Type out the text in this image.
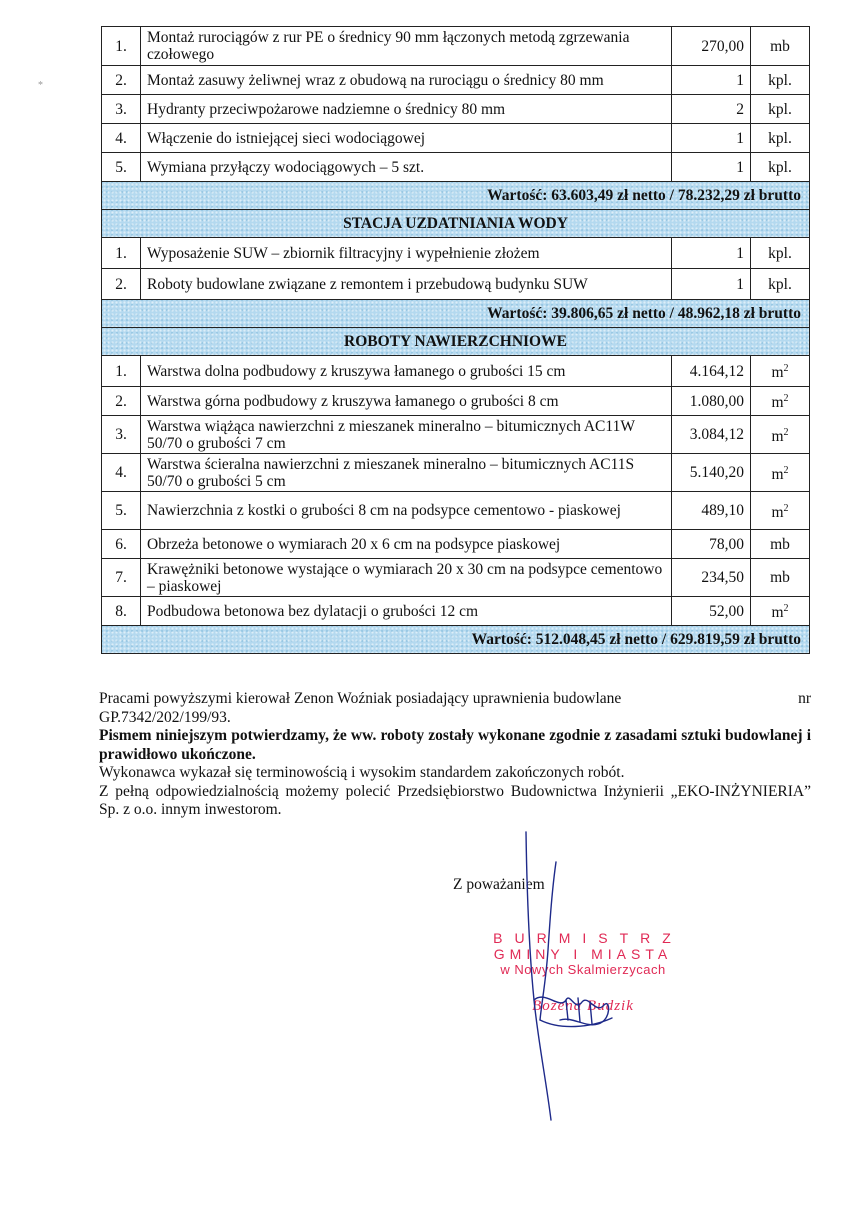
*
1.	Montaż rurociągów z rur PE o średnicy 90 mm łączonych metodą zgrzewania czołowego	270,00	mb
2.	Montaż zasuwy żeliwnej wraz z obudową na rurociągu o średnicy 80 mm	1	kpl.
3.	Hydranty przeciwpożarowe nadziemne o średnicy 80 mm	2	kpl.
4.	Włączenie do istniejącej sieci wodociągowej	1	kpl.
5.	Wymiana przyłączy wodociągowych – 5 szt.	1	kpl.
Wartość: 63.603,49 zł netto / 78.232,29 zł brutto			
STACJA UZDATNIANIA WODY			
1.	Wyposażenie SUW – zbiornik filtracyjny i wypełnienie złożem	1	kpl.
2.	Roboty budowlane związane z remontem i przebudową budynku SUW	1	kpl.
Wartość: 39.806,65 zł netto / 48.962,18 zł brutto			
ROBOTY NAWIERZCHNIOWE			
1.	Warstwa dolna podbudowy z kruszywa łamanego o grubości 15 cm	4.164,12	$m^2$
2.	Warstwa górna podbudowy z kruszywa łamanego o grubości 8 cm	1.080,00	$m^2$
3.	Warstwa wiążąca nawierzchni z mieszanek mineralno – bitumicznych AC11W 50/70 o grubości 7 cm	3.084,12	$m^2$
4.	Warstwa ścieralna nawierzchni z mieszanek mineralno – bitumicznych AC11S 50/70 o grubości 5 cm	5.140,20	$m^2$
5.	Nawierzchnia z kostki o grubości 8 cm na podsypce cementowo - piaskowej	489,10	$m^2$
6.	Obrzeża betonowe o wymiarach 20 x 6 cm na podsypce piaskowej	78,00	mb
7.	Krawężniki betonowe wystające o wymiarach 20 x 30 cm na podsypce cementowo – piaskowej	234,50	mb
8.	Podbudowa betonowa bez dylatacji o grubości 12 cm	52,00	$m^2$
Wartość: 512.048,45 zł netto / 629.819,59 zł brutto			
Pracami powyższymi kierował Zenon Woźniak posiadający uprawnienia budowlane	nr

GP.7342/202/199/93.

Pismem niniejszym potwierdzamy, że ww. roboty zostały wykonane zgodnie z zasadami sztuki budowlanej i prawidłowo ukończone.

Wykonawca wykazał się terminowością i wysokim standardem zakończonych robót.

Z pełną odpowiedzialnością możemy polecić Przedsiębiorstwo Budownictwa Inżynierii „EKO-INŻYNIERIA” Sp. z o.o. innym inwestorom.

Z poważaniem
BURMISTRZ
GMINY I MIASTA
w Nowych Skalmierzycach
Bożena Budzik
